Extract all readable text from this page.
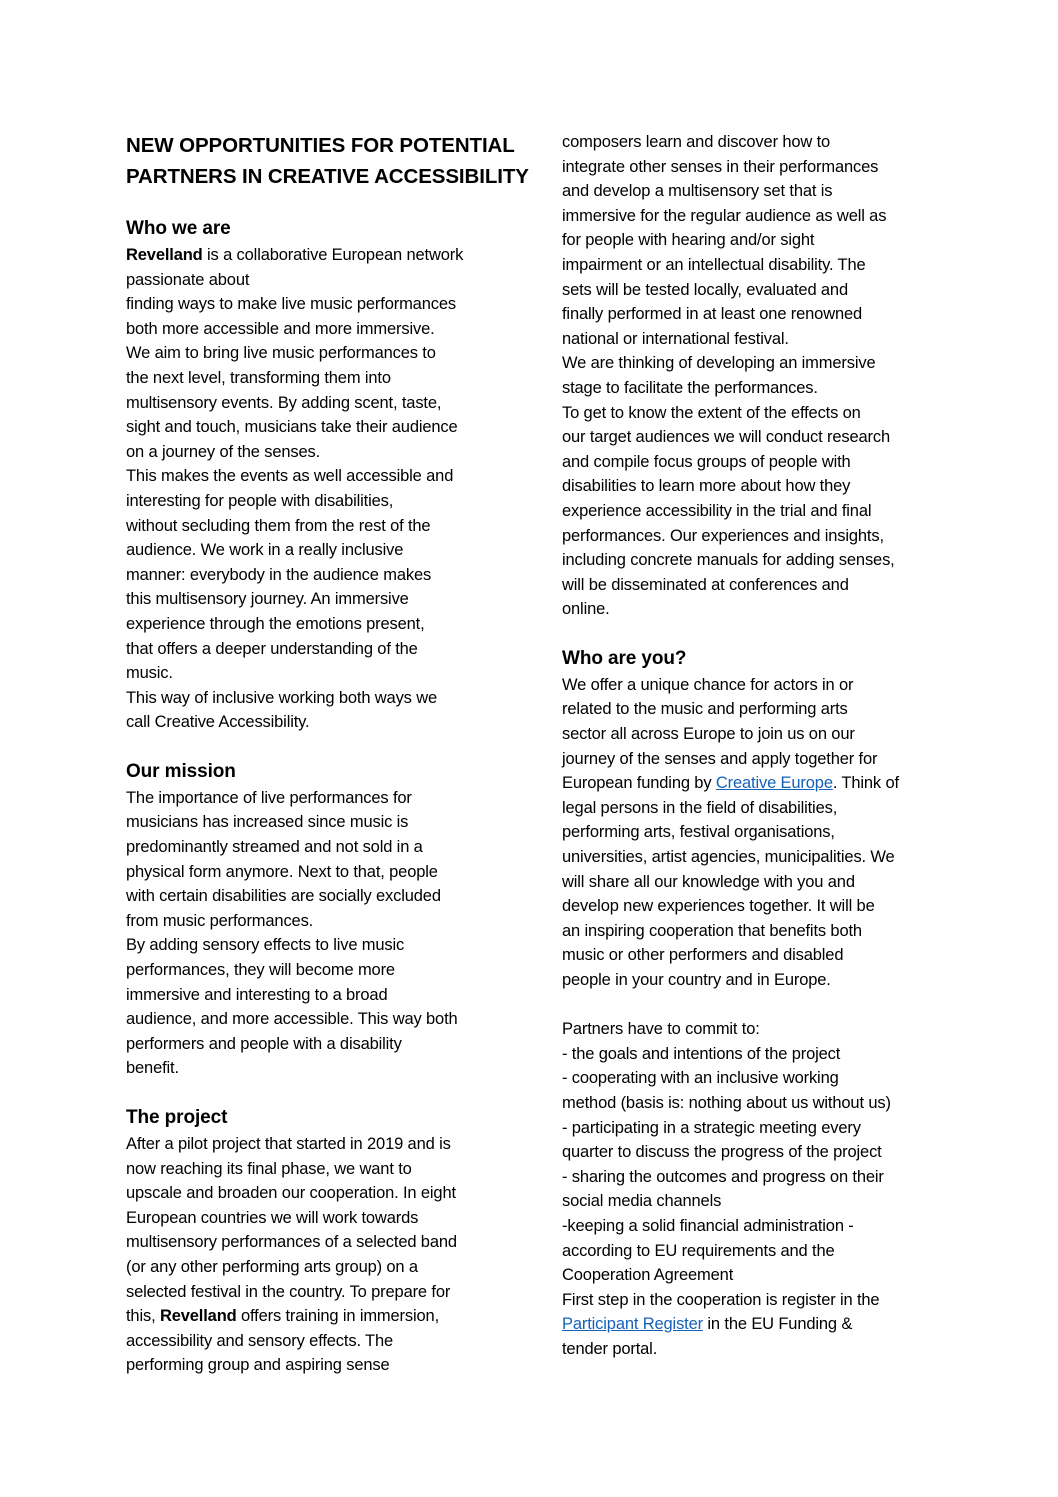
NEW OPPORTUNITIES FOR POTENTIAL
PARTNERS IN CREATIVE ACCESSIBILITY
Who we are
Revelland is a collaborative European network
passionate about
finding ways to make live music performances
both more accessible and more immersive.
We aim to bring live music performances to
the next level, transforming them into
multisensory events. By adding scent, taste,
sight and touch, musicians take their audience
on a journey of the senses.
This makes the events as well accessible and
interesting for people with disabilities,
without secluding them from the rest of the
audience. We work in a really inclusive
manner: everybody in the audience makes
this multisensory journey. An immersive
experience through the emotions present,
that offers a deeper understanding of the
music.
This way of inclusive working both ways we
call Creative Accessibility.
Our mission
The importance of live performances for
musicians has increased since music is
predominantly streamed and not sold in a
physical form anymore. Next to that, people
with certain disabilities are socially excluded
from music performances.
By adding sensory effects to live music
performances, they will become more
immersive and interesting to a broad
audience, and more accessible. This way both
performers and people with a disability
benefit.
The project
After a pilot project that started in 2019 and is
now reaching its final phase, we want to
upscale and broaden our cooperation. In eight
European countries we will work towards
multisensory performances of a selected band
(or any other performing arts group) on a
selected festival in the country. To prepare for
this, Revelland offers training in immersion,
accessibility and sensory effects. The
performing group and aspiring sense
composers learn and discover how to
integrate other senses in their performances
and develop a multisensory set that is
immersive for the regular audience as well as
for people with hearing and/or sight
impairment or an intellectual disability. The
sets will be tested locally, evaluated and
finally performed in at least one renowned
national or international festival.
We are thinking of developing an immersive
stage to facilitate the performances.
To get to know the extent of the effects on
our target audiences we will conduct research
and compile focus groups of people with
disabilities to learn more about how they
experience accessibility in the trial and final
performances. Our experiences and insights,
including concrete manuals for adding senses,
will be disseminated at conferences and
online.
Who are you?
We offer a unique chance for actors in or
related to the music and performing arts
sector all across Europe to join us on our
journey of the senses and apply together for
European funding by Creative Europe. Think of
legal persons in the field of disabilities,
performing arts, festival organisations,
universities, artist agencies, municipalities. We
will share all our knowledge with you and
develop new experiences together. It will be
an inspiring cooperation that benefits both
music or other performers and disabled
people in your country and in Europe.
Partners have to commit to:
- the goals and intentions of the project
- cooperating with an inclusive working
method (basis is: nothing about us without us)
- participating in a strategic meeting every
quarter to discuss the progress of the project
- sharing the outcomes and progress on their
social media channels
-keeping a solid financial administration -
according to EU requirements and the
Cooperation Agreement
First step in the cooperation is register in the
Participant Register in the EU Funding &
tender portal.
